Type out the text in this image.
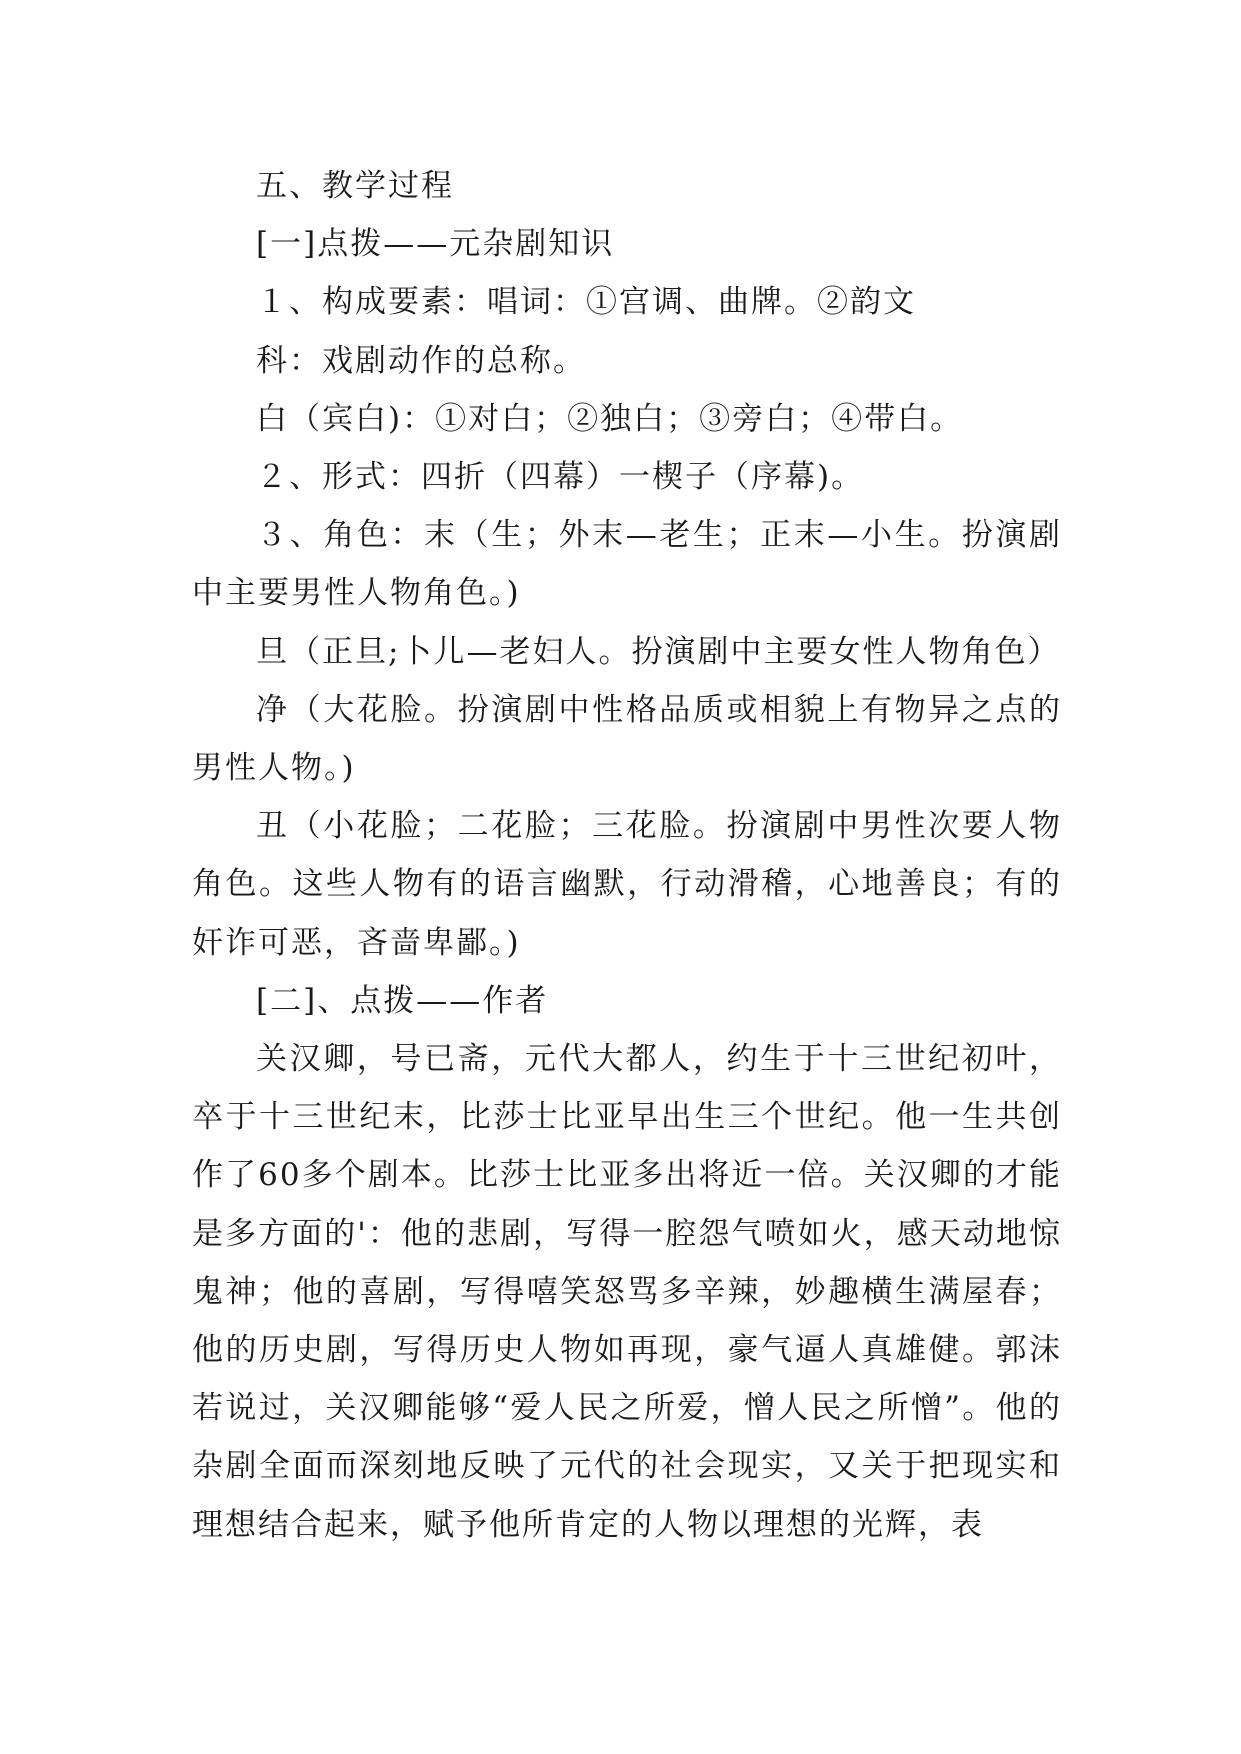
五、教学过程

[一]点拨——元杂剧知识

１、构成要素：唱词：①宫调、曲牌。②韵文

科：戏剧动作的总称。

白（宾白)：①对白；②独白；③旁白；④带白。

２、形式：四折（四幕）一楔子（序幕)。

３、角色：末（生；外末—老生；正末—小生。扮演剧中主要男性人物角色。)

旦（正旦;卜儿—老妇人。扮演剧中主要女性人物角色）

净（大花脸。扮演剧中性格品质或相貌上有物异之点的男性人物。)

丑（小花脸；二花脸；三花脸。扮演剧中男性次要人物角色。这些人物有的语言幽默，行动滑稽，心地善良；有的奸诈可恶，吝啬卑鄙。)

[二]、点拨——作者

关汉卿，号已斋，元代大都人，约生于十三世纪初叶，卒于十三世纪末，比莎士比亚早出生三个世纪。他一生共创作了60多个剧本。比莎士比亚多出将近一倍。关汉卿的才能是多方面的'：他的悲剧，写得一腔怨气喷如火，感天动地惊鬼神；他的喜剧，写得嘻笑怒骂多辛辣，妙趣横生满屋春；他的历史剧，写得历史人物如再现，豪气逼人真雄健。郭沫若说过，关汉卿能够“爱人民之所爱，憎人民之所憎”。他的杂剧全面而深刻地反映了元代的社会现实，又关于把现实和理想结合起来，赋予他所肯定的人物以理想的光辉，表
